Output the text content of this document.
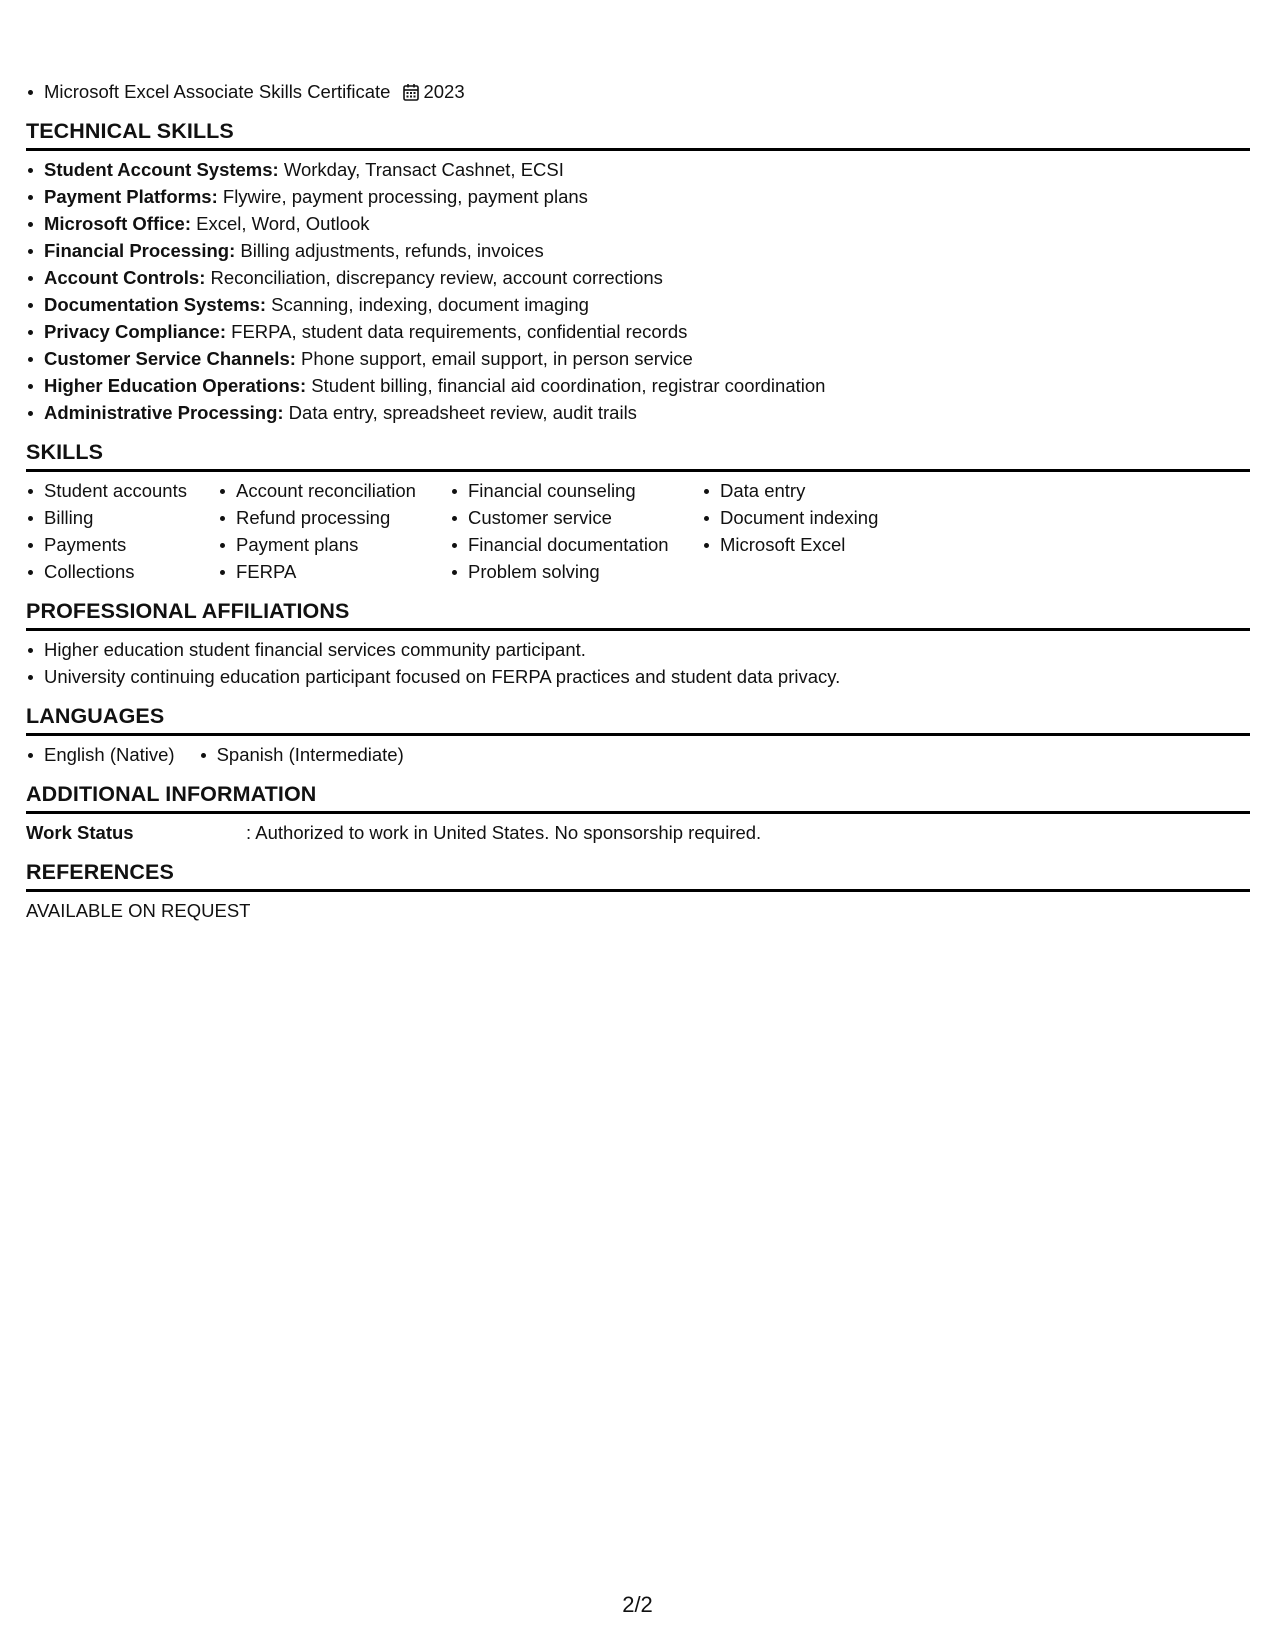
Microsoft Excel Associate Skills Certificate 2023
TECHNICAL SKILLS
Student Account Systems: Workday, Transact Cashnet, ECSI
Payment Platforms: Flywire, payment processing, payment plans
Microsoft Office: Excel, Word, Outlook
Financial Processing: Billing adjustments, refunds, invoices
Account Controls: Reconciliation, discrepancy review, account corrections
Documentation Systems: Scanning, indexing, document imaging
Privacy Compliance: FERPA, student data requirements, confidential records
Customer Service Channels: Phone support, email support, in person service
Higher Education Operations: Student billing, financial aid coordination, registrar coordination
Administrative Processing: Data entry, spreadsheet review, audit trails
SKILLS
Student accounts
Billing
Payments
Collections
Account reconciliation
Refund processing
Payment plans
FERPA
Financial counseling
Customer service
Financial documentation
Problem solving
Data entry
Document indexing
Microsoft Excel
PROFESSIONAL AFFILIATIONS
Higher education student financial services community participant.
University continuing education participant focused on FERPA practices and student data privacy.
LANGUAGES
English (Native)	Spanish (Intermediate)
ADDITIONAL INFORMATION
Work Status	: Authorized to work in United States. No sponsorship required.
REFERENCES
AVAILABLE ON REQUEST
2/2
